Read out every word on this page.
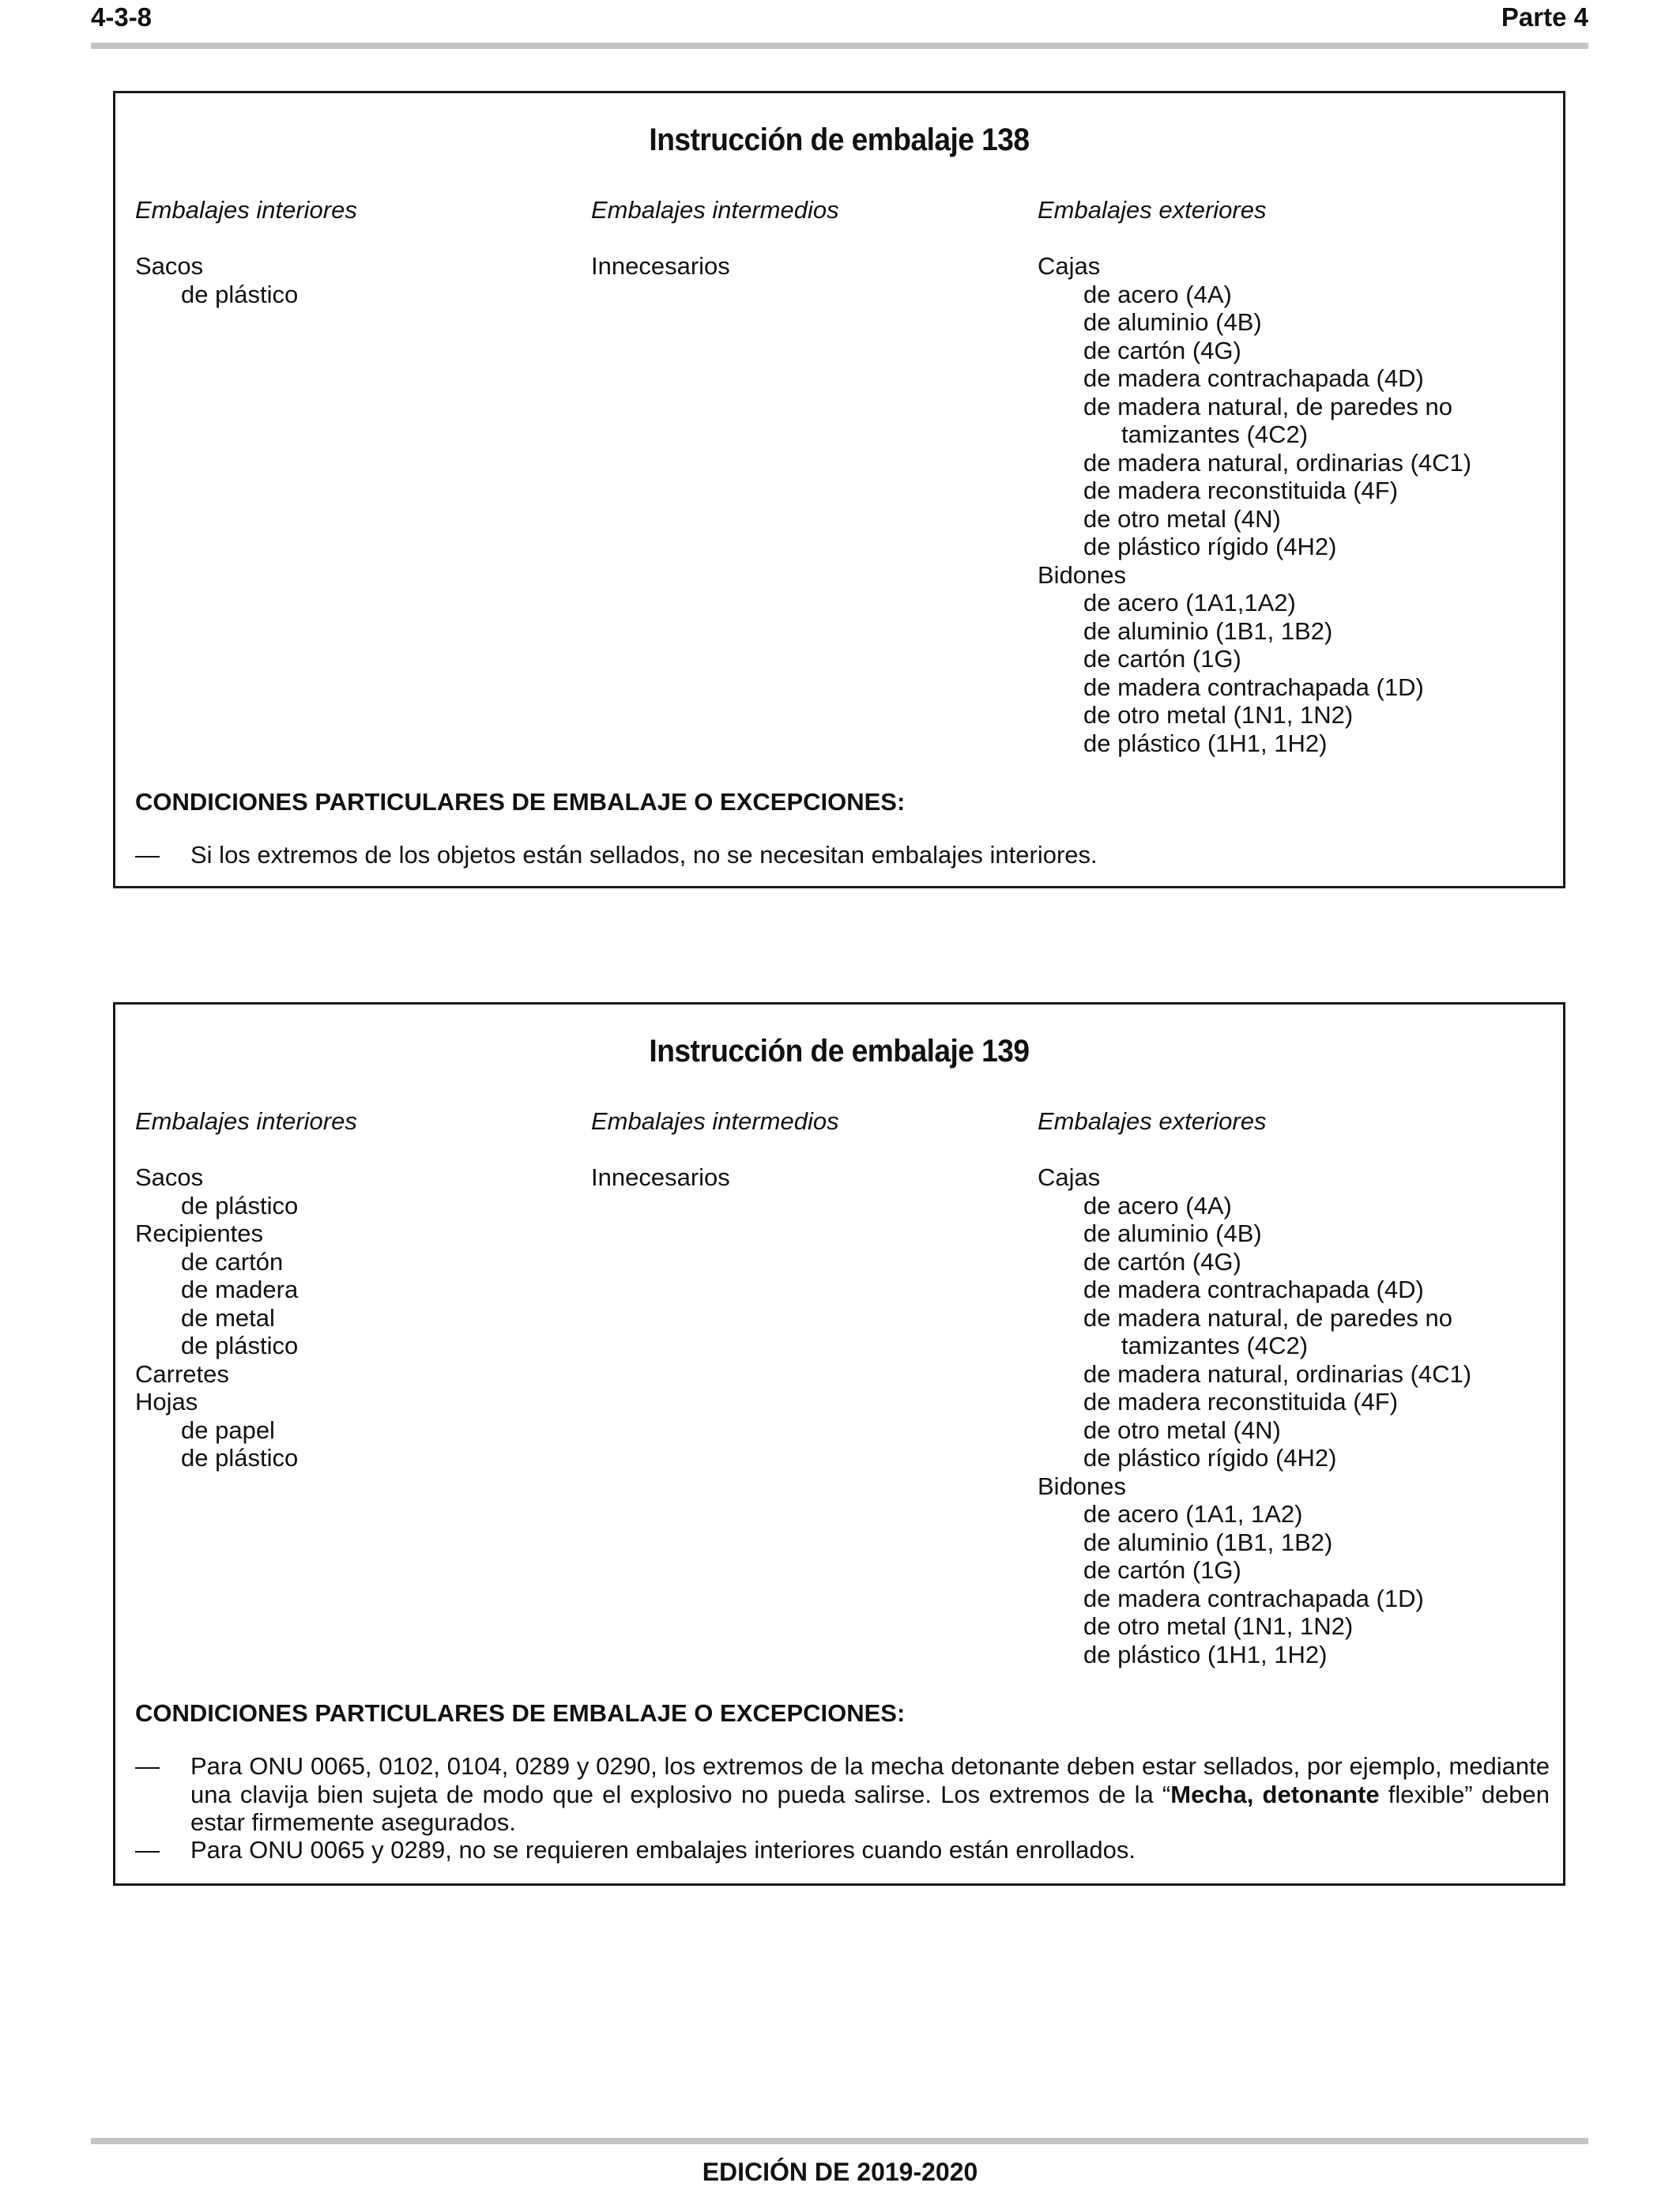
4-3-8	Parte 4
Instrucción de embalaje 138
Embalajes interiores
Sacos
de plástico
Embalajes intermedios
Innecesarios
Embalajes exteriores
Cajas
de acero (4A)
de aluminio (4B)
de cartón (4G)
de madera contrachapada (4D)
de madera natural, de paredes no
tamizantes (4C2)
de madera natural, ordinarias (4C1)
de madera reconstituida (4F)
de otro metal (4N)
de plástico rígido (4H2)
Bidones
de acero (1A1,1A2)
de aluminio (1B1, 1B2)
de cartón (1G)
de madera contrachapada (1D)
de otro metal (1N1, 1N2)
de plástico (1H1, 1H2)
CONDICIONES PARTICULARES DE EMBALAJE O EXCEPCIONES:
— Si los extremos de los objetos están sellados, no se necesitan embalajes interiores.
Instrucción de embalaje 139
Embalajes interiores
Sacos
de plástico
Recipientes
de cartón
de madera
de metal
de plástico
Carretes
Hojas
de papel
de plástico
Embalajes intermedios
Innecesarios
Embalajes exteriores
Cajas
de acero (4A)
de aluminio (4B)
de cartón (4G)
de madera contrachapada (4D)
de madera natural, de paredes no
tamizantes (4C2)
de madera natural, ordinarias (4C1)
de madera reconstituida (4F)
de otro metal (4N)
de plástico rígido (4H2)
Bidones
de acero (1A1, 1A2)
de aluminio (1B1, 1B2)
de cartón (1G)
de madera contrachapada (1D)
de otro metal (1N1, 1N2)
de plástico (1H1, 1H2)
CONDICIONES PARTICULARES DE EMBALAJE O EXCEPCIONES:
— Para ONU 0065, 0102, 0104, 0289 y 0290, los extremos de la mecha detonante deben estar sellados, por ejemplo, mediante una clavija bien sujeta de modo que el explosivo no pueda salirse. Los extremos de la “Mecha, detonante flexible” deben estar firmemente asegurados.
— Para ONU 0065 y 0289, no se requieren embalajes interiores cuando están enrollados.
EDICIÓN DE 2019-2020
